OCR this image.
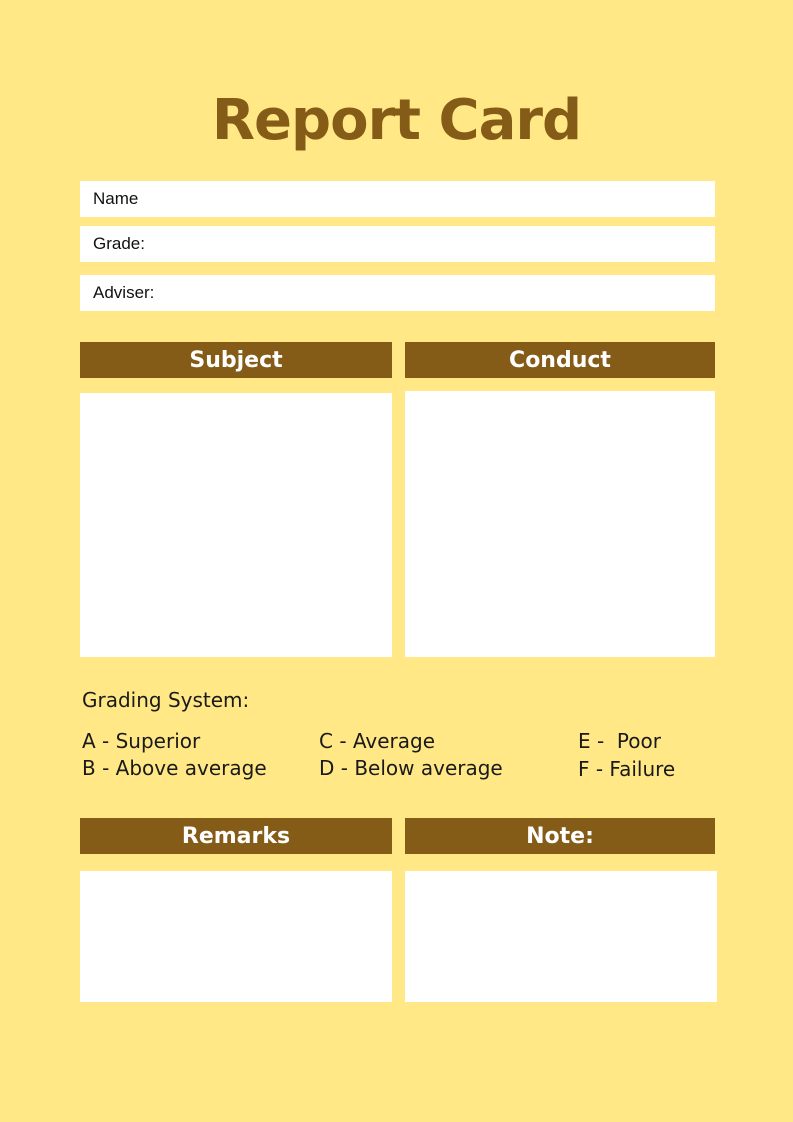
Report Card
Name
Grade:
Adviser:
Subject	Conduct
Grading System:
A - Superior
B - Above average
C - Average
D - Below average
E -  Poor
F - Failure
Remarks	Note:
